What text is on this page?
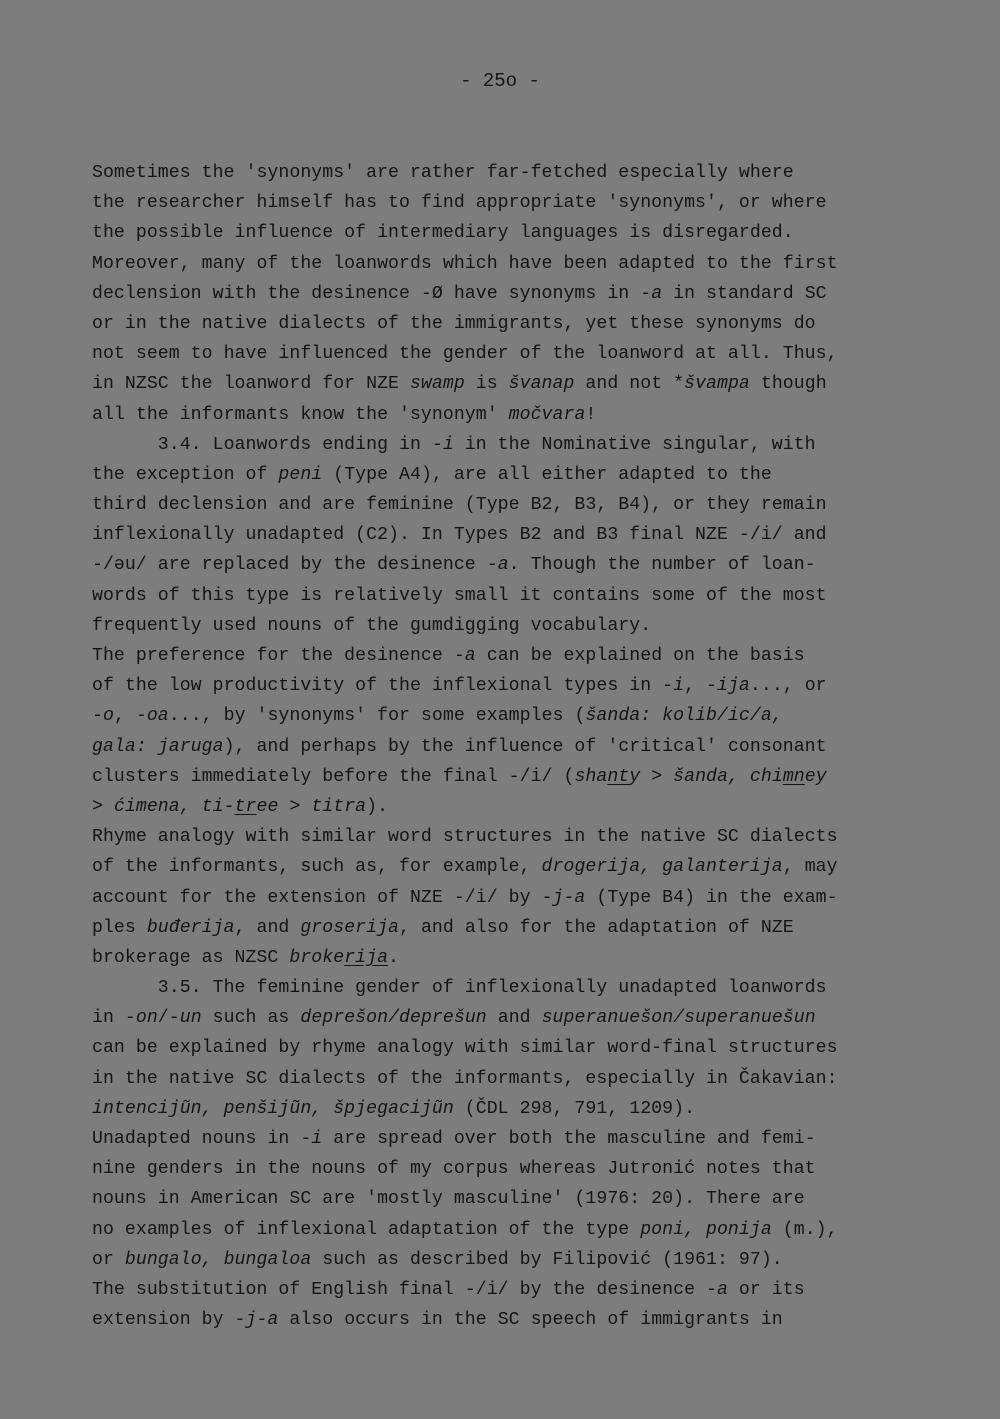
- 25o -
Sometimes the 'synonyms' are rather far-fetched especially where
the researcher himself has to find appropriate 'synonyms', or where
the possible influence of intermediary languages is disregarded.
Moreover, many of the loanwords which have been adapted to the first
declension with the desinence -Ø have synonyms in -a in standard SC
or in the native dialects of the immigrants, yet these synonyms do
not seem to have influenced the gender of the loanword at all. Thus,
in NZSC the loanword for NZE swamp is švanap and not *švampa though
all the informants know the 'synonym' močvara!
3.4. Loanwords ending in -i in the Nominative singular, with
the exception of peni (Type A4), are all either adapted to the
third declension and are feminine (Type B2, B3, B4), or they remain
inflexionally unadapted (C2). In Types B2 and B3 final NZE -/i/ and
-/əu/ are replaced by the desinence -a. Though the number of loan-
words of this type is relatively small it contains some of the most
frequently used nouns of the gumdigging vocabulary.
The preference for the desinence -a can be explained on the basis
of the low productivity of the inflexional types in -i, -ija..., or
-o, -oa..., by 'synonyms' for some examples (šanda: kolib/ic/a,
gala: jaruga), and perhaps by the influence of 'critical' consonant
clusters immediately before the final -/i/ (shanty > šanda, chimney
> ćimena, ti-tree > titra).
Rhyme analogy with similar word structures in the native SC dialects
of the informants, such as, for example, drogerija, galanterija, may
account for the extension of NZE -/i/ by -j-a (Type B4) in the exam-
ples buđerija, and groserija, and also for the adaptation of NZE
brokerage as NZSC brokerija.
3.5. The feminine gender of inflexionally unadapted loanwords
in -on/-un such as deprešon/deprešun and superanuešon/superanuešun
can be explained by rhyme analogy with similar word-final structures
in the native SC dialects of the informants, especially in Čakavian:
intencijũn, penšijũn, špjegacijũn (ČDL 298, 791, 1209).
Unadapted nouns in -i are spread over both the masculine and femi-
nine genders in the nouns of my corpus whereas Jutronić notes that
nouns in American SC are 'mostly masculine' (1976: 20). There are
no examples of inflexional adaptation of the type poni, ponija (m.),
or bungalo, bungaloa such as described by Filipović (1961: 97).
The substitution of English final -/i/ by the desinence -a or its
extension by -j-a also occurs in the SC speech of immigrants in
